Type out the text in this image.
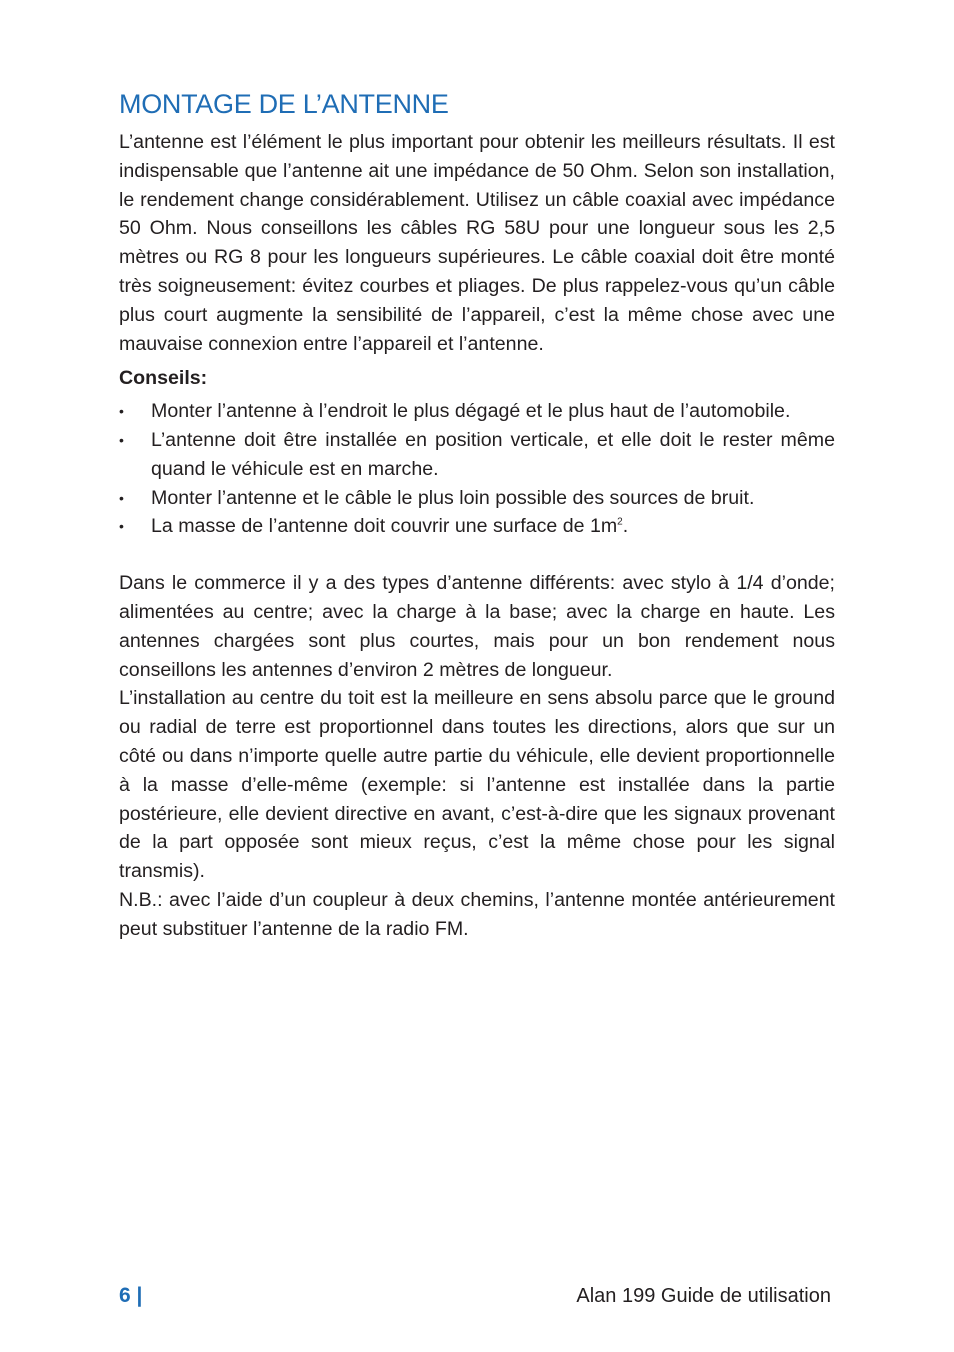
MONTAGE DE L’ANTENNE

L’antenne est l’élément le plus important pour obtenir les meilleurs résultats. Il est indispensable que l’antenne ait une impédance de 50 Ohm. Selon son installation, le rendement change considérablement. Utilisez un câble coaxial avec impédance 50 Ohm. Nous conseillons les câbles RG 58U pour une longueur sous les 2,5 mètres ou RG 8 pour les longueurs supérieures. Le câble coaxial doit être monté très soigneusement: évitez courbes et pliages. De plus rappelez-vous qu’un câble plus court augmente la sensibilité de l’appareil, c’est la même chose avec une mauvaise connexion entre l’appareil et l’antenne.

Conseils:
•	Monter l’antenne à l’endroit le plus dégagé et le plus haut de l’automobile.
•	L’antenne doit être installée en position verticale, et elle doit le rester même quand le véhicule est en marche.
•	Monter l’antenne et le câble le plus loin possible des sources de bruit.
•	La masse de l’antenne doit couvrir une surface de $1m^2$.

Dans le commerce il y a des types d’antenne différents: avec stylo à 1/4 d’onde; alimentées au centre; avec la charge à la base; avec la charge en haute. Les antennes chargées sont plus courtes, mais pour un bon rendement nous conseillons les antennes d’environ 2 mètres de longueur.

L’installation au centre du toit est la meilleure en sens absolu parce que le ground ou radial de terre est proportionnel dans toutes les directions, alors que sur un côté ou dans n’importe quelle autre partie du véhicule, elle devient proportionnelle à la masse d’elle-même (exemple: si l’antenne est installée dans la partie postérieure, elle devient directive en avant, c’est-à-dire que les signaux provenant de la part opposée sont mieux reçus, c’est la même chose pour les signal transmis).

N.B.: avec l’aide d’un coupleur à deux chemins, l’antenne montée antérieurement peut substituer l’antenne de la radio FM.

6 |	Alan 199 Guide de utilisation
